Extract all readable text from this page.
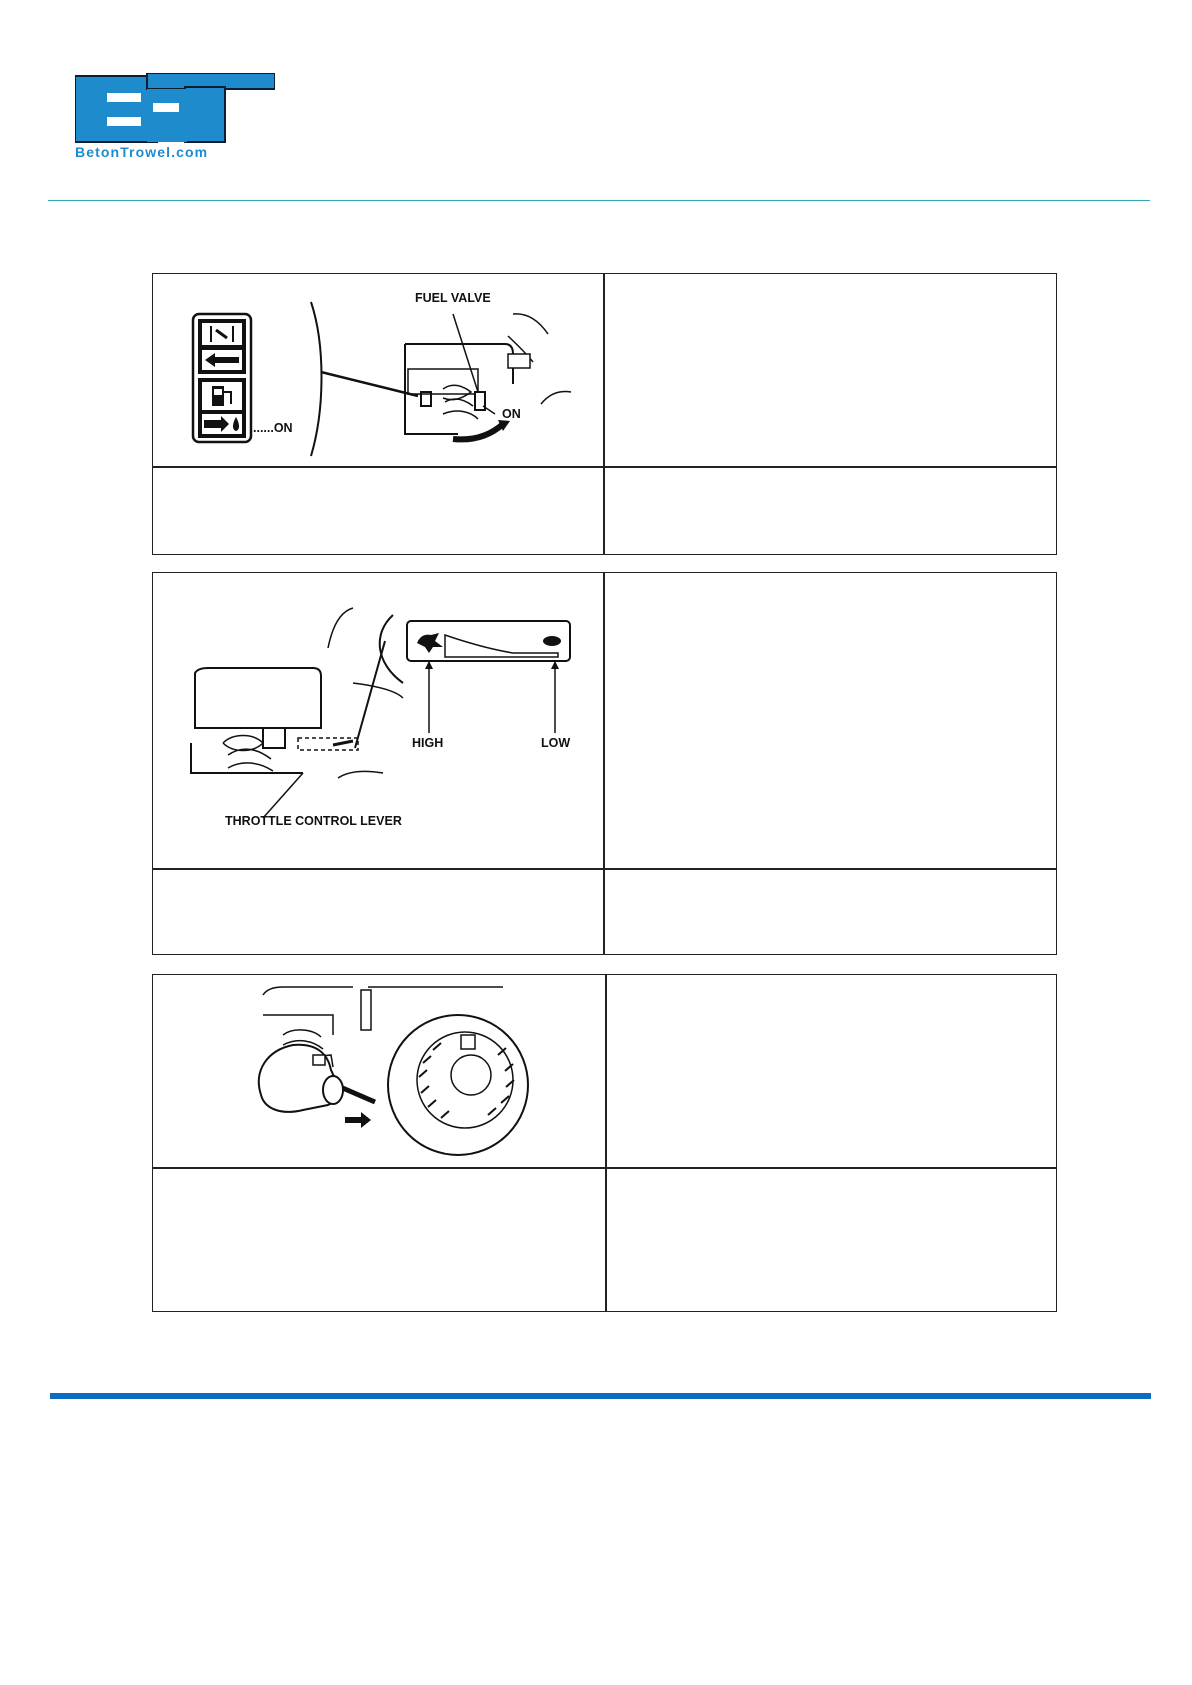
BetonTrowel.com
FUEL VALVE
ON
......ON
HIGH	LOW
THROTTLE CONTROL LEVER
